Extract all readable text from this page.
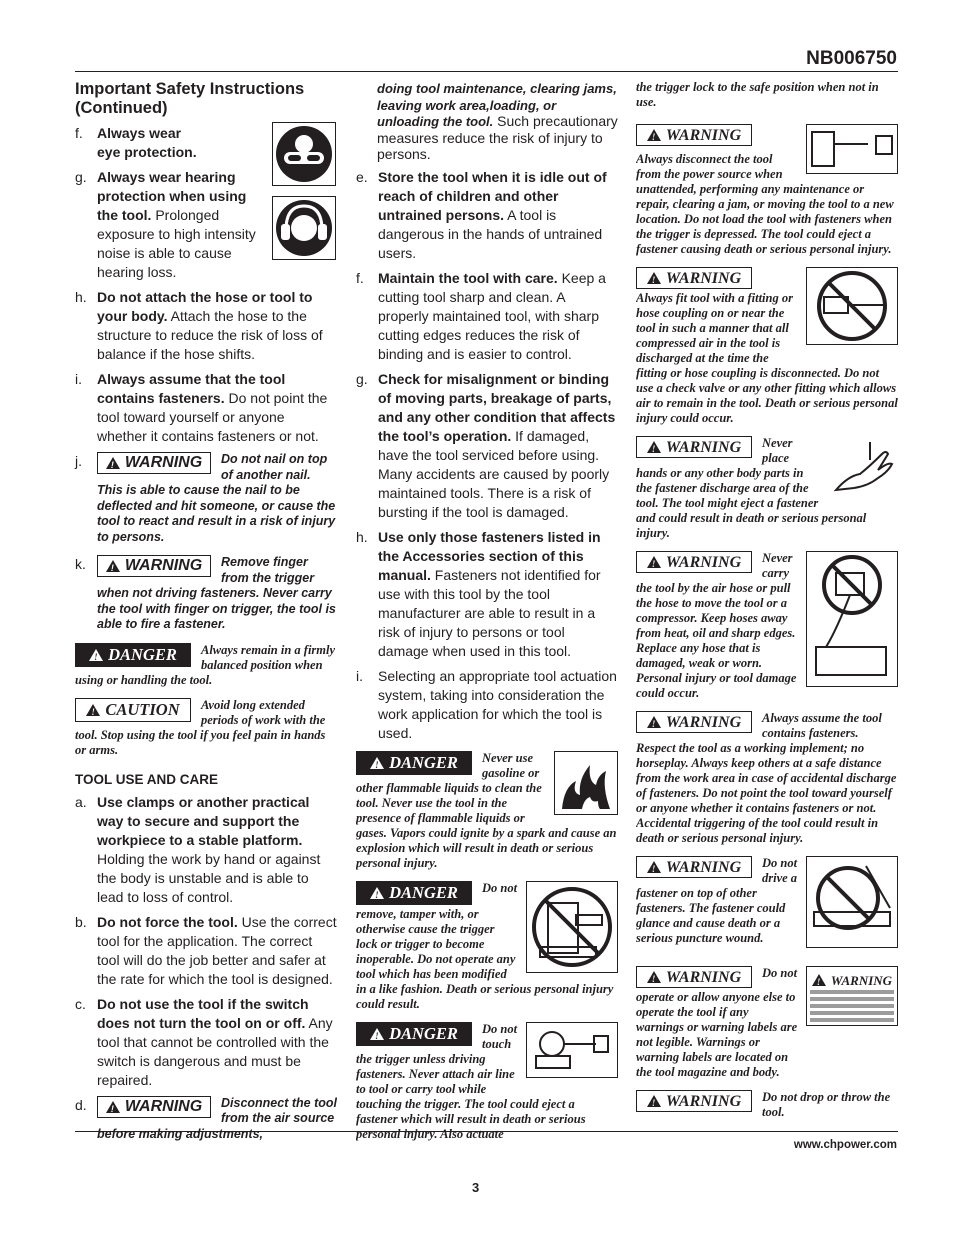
NB006750
Important Safety Instructions (Continued)
f. Always wear eye protection.
g. Always wear hearing protection when using the tool. Prolonged exposure to high intensity noise is able to cause hearing loss.
h. Do not attach the hose or tool to your body. Attach the hose to the structure to reduce the risk of loss of balance if the hose shifts.
i. Always assume that the tool contains fasteners. Do not point the tool toward yourself or anyone whether it contains fasteners or not.
j. !	WARNING Do not nail on top of another nail. This is able to cause the nail to be deflected and hit someone, or cause the tool to react and result in a risk of injury to persons.
k. ! WARNING Remove finger from the trigger when not driving fasteners. Never carry the tool with finger on trigger, the tool is able to fire a fastener.
!
DANGER Always remain in a firmly balanced position when using or handling the tool.
!
CAUTION Avoid long extended periods of work with the tool. Stop using the tool if you feel pain in hands or arms.
TOOL USE AND CARE
a. Use clamps or another practical way to secure and support the workpiece to a stable platform. Holding the work by hand or against the body is unstable and is able to lead to loss of control.
b. Do not force the tool. Use the correct tool for the application. The correct tool will do the job better and safer at the rate for which the tool is designed.
c. Do not use the tool if the switch does not turn the tool on or off. Any tool that cannot be controlled with the switch is dangerous and must be repaired.
d. ! WARNING Disconnect the tool from the air source before making adjustments,
doing tool maintenance, clearing jams, leaving work area,loading, or unloading the tool. Such precautionary measures reduce the risk of injury to persons.
e. Store the tool when it is idle out of reach of children and other untrained persons. A tool is dangerous in the hands of untrained users.
f. Maintain the tool with care. Keep a cutting tool sharp and clean. A properly maintained tool, with sharp cutting edges reduces the risk of binding and is easier to control.
g. Check for misalignment or binding of moving parts, breakage of parts, and any other condition that affects the tool’s operation. If damaged, have the tool serviced before using. Many accidents are caused by poorly maintained tools. There is a risk of bursting if the tool is damaged.
h. Use only those fasteners listed in the Accessories section of this manual. Fasteners not identified for use with this tool by the tool manufacturer are able to result in a risk of injury to persons or tool damage when used in this tool.
i. Selecting an appropriate tool actuation system, taking into consideration the work application for which the tool is used.
!
DANGER Never use gasoline or other flammable liquids to clean the tool. Never use the tool in the presence of flammable liquids or gases. Vapors could ignite by a spark and cause an explosion which will result in death or serious personal injury.
!
DANGER Do not remove, tamper with, or otherwise cause the trigger lock or trigger to become inoperable. Do not operate any tool which has been modified in a like fashion. Death or serious personal injury could result.
!
DANGER Do not touch the trigger unless driving fasteners. Never attach air line to tool or carry tool while touching the trigger. The tool could eject a fastener which will result in death or serious personal injury. Also actuate
the trigger lock to the safe position when not in use.
!
WARNING
Always disconnect the tool from the power source when unattended, performing any maintenance or repair, clearing a jam, or moving the tool to a new location. Do not load the tool with fasteners when the trigger is depressed. The tool could eject a fastener causing death or serious personal injury.
!
WARNING
Always fit tool with a fitting or hose coupling on or near the tool in such a manner that all compressed air in the tool is discharged at the time the fitting or hose coupling is disconnected. Do not use a check valve or any other fitting which allows air to remain in the tool. Death or serious personal injury could occur.
!
WARNING Never place hands or any other body parts in the fastener discharge area of the tool. The tool might eject a fastener and could result in death or serious personal injury.
!
WARNING Never carry the tool by the air hose or pull the hose to move the tool or a compressor. Keep hoses away from heat, oil and sharp edges. Replace any hose that is damaged, weak or worn. Personal injury or tool damage could occur.
!
WARNING Always assume the tool contains fasteners. Respect the tool as a working implement; no horseplay. Always keep others at a safe distance from the work area in case of accidental discharge of fasteners. Do not point the tool toward yourself or anyone whether it contains fasteners or not. Accidental triggering of the tool could result in death or serious personal injury.
!
WARNING Do not drive a fastener on top of other fasteners. The fastener could glance and cause death or a serious puncture wound.

!
WARNING
!
WARNING Do not operate or allow anyone else to operate the tool if any warnings or warning labels are not legible. Warnings or warning labels are located on the tool magazine and body.
!
WARNING Do not drop or throw the tool.
www.chpower.com
3
